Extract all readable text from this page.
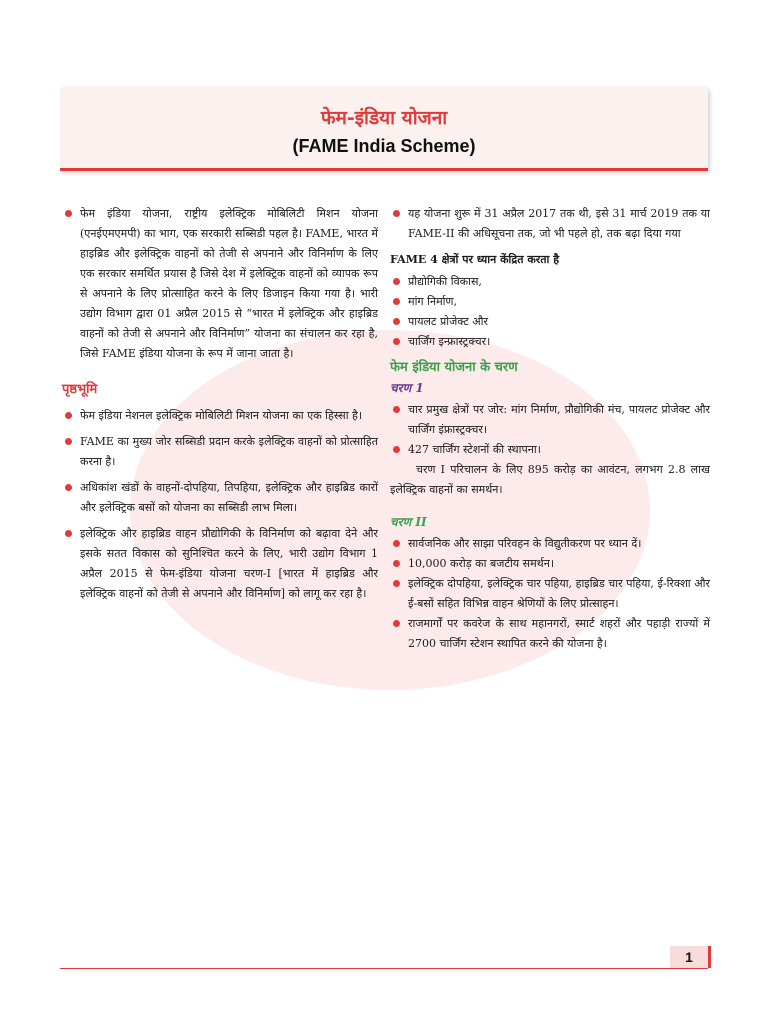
फेम-इंडिया योजना
(FAME India Scheme)
फेम इंडिया योजना, राष्ट्रीय इलेक्ट्रिक मोबिलिटी मिशन योजना (एनईएमएमपी) का भाग, एक सरकारी सब्सिडी पहल है। FAME, भारत में हाइब्रिड और इलेक्ट्रिक वाहनों को तेजी से अपनाने और विनिर्माण के लिए एक सरकार समर्थित प्रयास है जिसे देश में इलेक्ट्रिक वाहनों को व्यापक रूप से अपनाने के लिए प्रोत्साहित करने के लिए डिजाइन किया गया है। भारी उद्योग विभाग द्वारा 01 अप्रैल 2015 से “भारत में इलेक्ट्रिक और हाइब्रिड वाहनों को तेजी से अपनाने और विनिर्माण” योजना का संचालन कर रहा है, जिसे FAME इंडिया योजना के रूप में जाना जाता है।
पृष्ठभूमि
फेम इंडिया नेशनल इलेक्ट्रिक मोबिलिटी मिशन योजना का एक हिस्सा है।
FAME का मुख्य जोर सब्सिडी प्रदान करके इलेक्ट्रिक वाहनों को प्रोत्साहित करना है।
अधिकांश खंडों के वाहनों-दोपहिया, तिपहिया, इलेक्ट्रिक और हाइब्रिड कारों और इलेक्ट्रिक बसों को योजना का सब्सिडी लाभ मिला।
इलेक्ट्रिक और हाइब्रिड वाहन प्रौद्योगिकी के विनिर्माण को बढ़ावा देने और इसके सतत विकास को सुनिश्चित करने के लिए, भारी उद्योग विभाग 1 अप्रैल 2015 से फेम-इंडिया योजना चरण-I [भारत में हाइब्रिड और इलेक्ट्रिक वाहनों को तेजी से अपनाने और विनिर्माण] को लागू कर रहा है।
यह योजना शुरू में 31 अप्रैल 2017 तक थी, इसे 31 मार्च 2019 तक या FAME-II की अधिसूचना तक, जो भी पहले हो, तक बढ़ा दिया गया
FAME 4 क्षेत्रों पर ध्यान केंद्रित करता है
प्रौद्योगिकी विकास,
मांग निर्माण,
पायलट प्रोजेक्ट और
चार्जिंग इन्फ्रास्ट्रक्चर।
फेम इंडिया योजना के चरण
चरण 1
चार प्रमुख क्षेत्रों पर जोर: मांग निर्माण, प्रौद्योगिकी मंच, पायलट प्रोजेक्ट और चार्जिंग इंफ्रास्ट्रक्चर।
427 चार्जिंग स्टेशनों की स्थापना।

चरण I परिचालन के लिए 895 करोड़ का आवंटन, लगभग 2.8 लाख इलेक्ट्रिक वाहनों का समर्थन।

चरण II
सार्वजनिक और साझा परिवहन के विद्युतीकरण पर ध्यान दें।
10,000 करोड़ का बजटीय समर्थन।
इलेक्ट्रिक दोपहिया, इलेक्ट्रिक चार पहिया, हाइब्रिड चार पहिया, ई-रिक्शा और ई-बसों सहित विभिन्न वाहन श्रेणियों के लिए प्रोत्साहन।
राजमार्गों पर कवरेज के साथ महानगरों, स्मार्ट शहरों और पहाड़ी राज्यों में 2700 चार्जिंग स्टेशन स्थापित करने की योजना है।
1
